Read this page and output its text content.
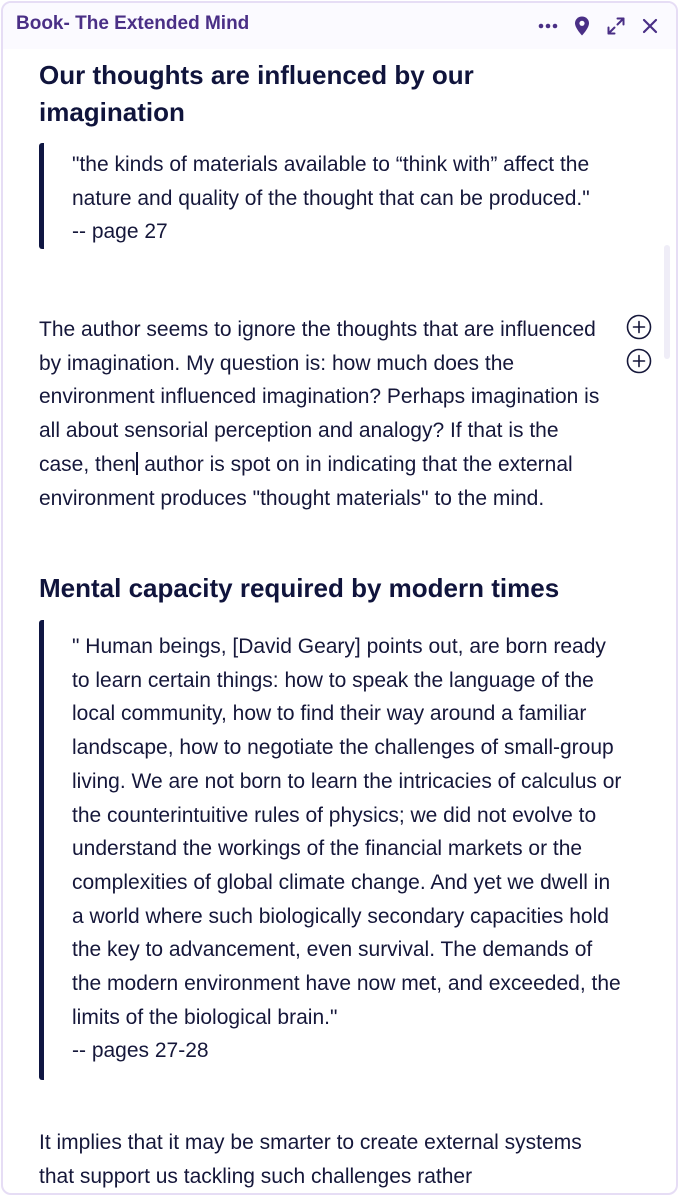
Book- The Extended Mind
Our thoughts are influenced by our imagination
"the kinds of materials available to “think with” affect the nature and quality of the thought that can be produced."
-- page 27
The author seems to ignore the thoughts that are influenced by imagination. My question is: how much does the environment influenced imagination? Perhaps imagination is all about sensorial perception and analogy? If that is the case, then author is spot on in indicating that the external environment produces "thought materials" to the mind.
Mental capacity required by modern times
" Human beings, [David Geary] points out, are born ready to learn certain things: how to speak the language of the local community, how to find their way around a familiar landscape, how to negotiate the challenges of small-group living. We are not born to learn the intricacies of calculus or the counterintuitive rules of physics; we did not evolve to understand the workings of the financial markets or the complexities of global climate change. And yet we dwell in a world where such biologically secondary capacities hold the key to advancement, even survival. The demands of the modern environment have now met, and exceeded, the limits of the biological brain."
-- pages 27-28
It implies that it may be smarter to create external systems that support us tackling such challenges rather
